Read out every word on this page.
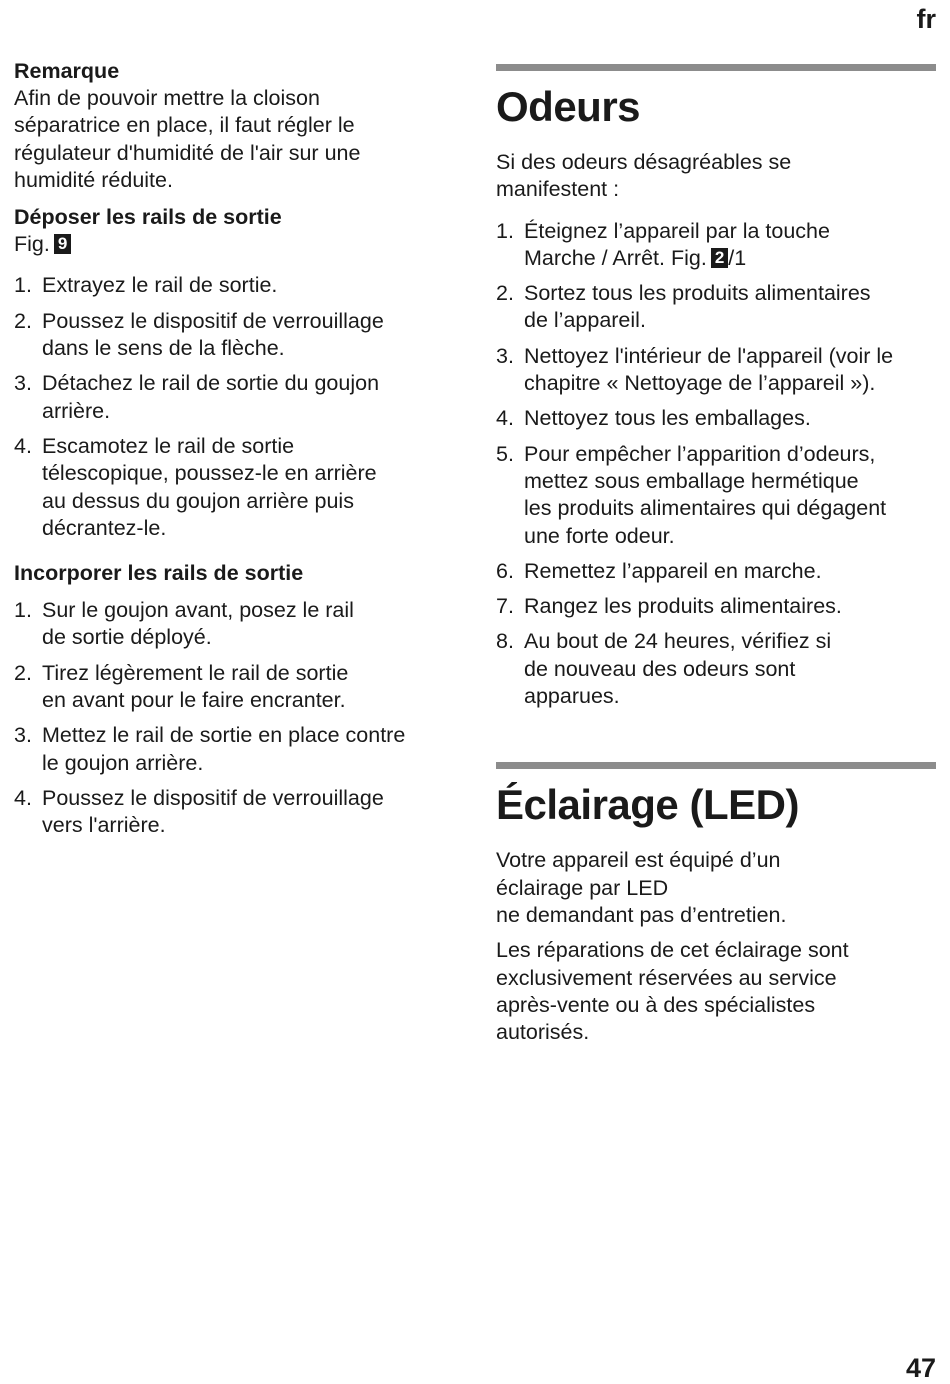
fr
Remarque
Afin de pouvoir mettre la cloison
séparatrice en place, il faut régler le
régulateur d'humidité de l'air sur une
humidité réduite.
Déposer les rails de sortie
Fig. 9
1. Extrayez le rail de sortie.
2. Poussez le dispositif de verrouillage
dans le sens de la flèche.
3. Détachez le rail de sortie du goujon
arrière.
4. Escamotez le rail de sortie
télescopique, poussez-le en arrière
au dessus du goujon arrière puis
décrantez-le.
Incorporer les rails de sortie
1. Sur le goujon avant, posez le rail
de sortie déployé.
2. Tirez légèrement le rail de sortie
en avant pour le faire encranter.
3. Mettez le rail de sortie en place contre
le goujon arrière.
4. Poussez le dispositif de verrouillage
vers l'arrière.
Odeurs
Si des odeurs désagréables se
manifestent :
1. Éteignez l’appareil par la touche
Marche / Arrêt. Fig. 2 /1
2. Sortez tous les produits alimentaires
de l’appareil.
3. Nettoyez l'intérieur de l'appareil (voir le
chapitre « Nettoyage de l’appareil »).
4. Nettoyez tous les emballages.
5. Pour empêcher l’apparition d’odeurs,
mettez sous emballage hermétique
les produits alimentaires qui dégagent
une forte odeur.
6. Remettez l’appareil en marche.
7. Rangez les produits alimentaires.
8. Au bout de 24 heures, vérifiez si
de nouveau des odeurs sont
apparues.
Éclairage (LED)
Votre appareil est équipé d’un
éclairage par LED
ne demandant pas d’entretien.
Les réparations de cet éclairage sont
exclusivement réservées au service
après-vente ou à des spécialistes
autorisés.
47
